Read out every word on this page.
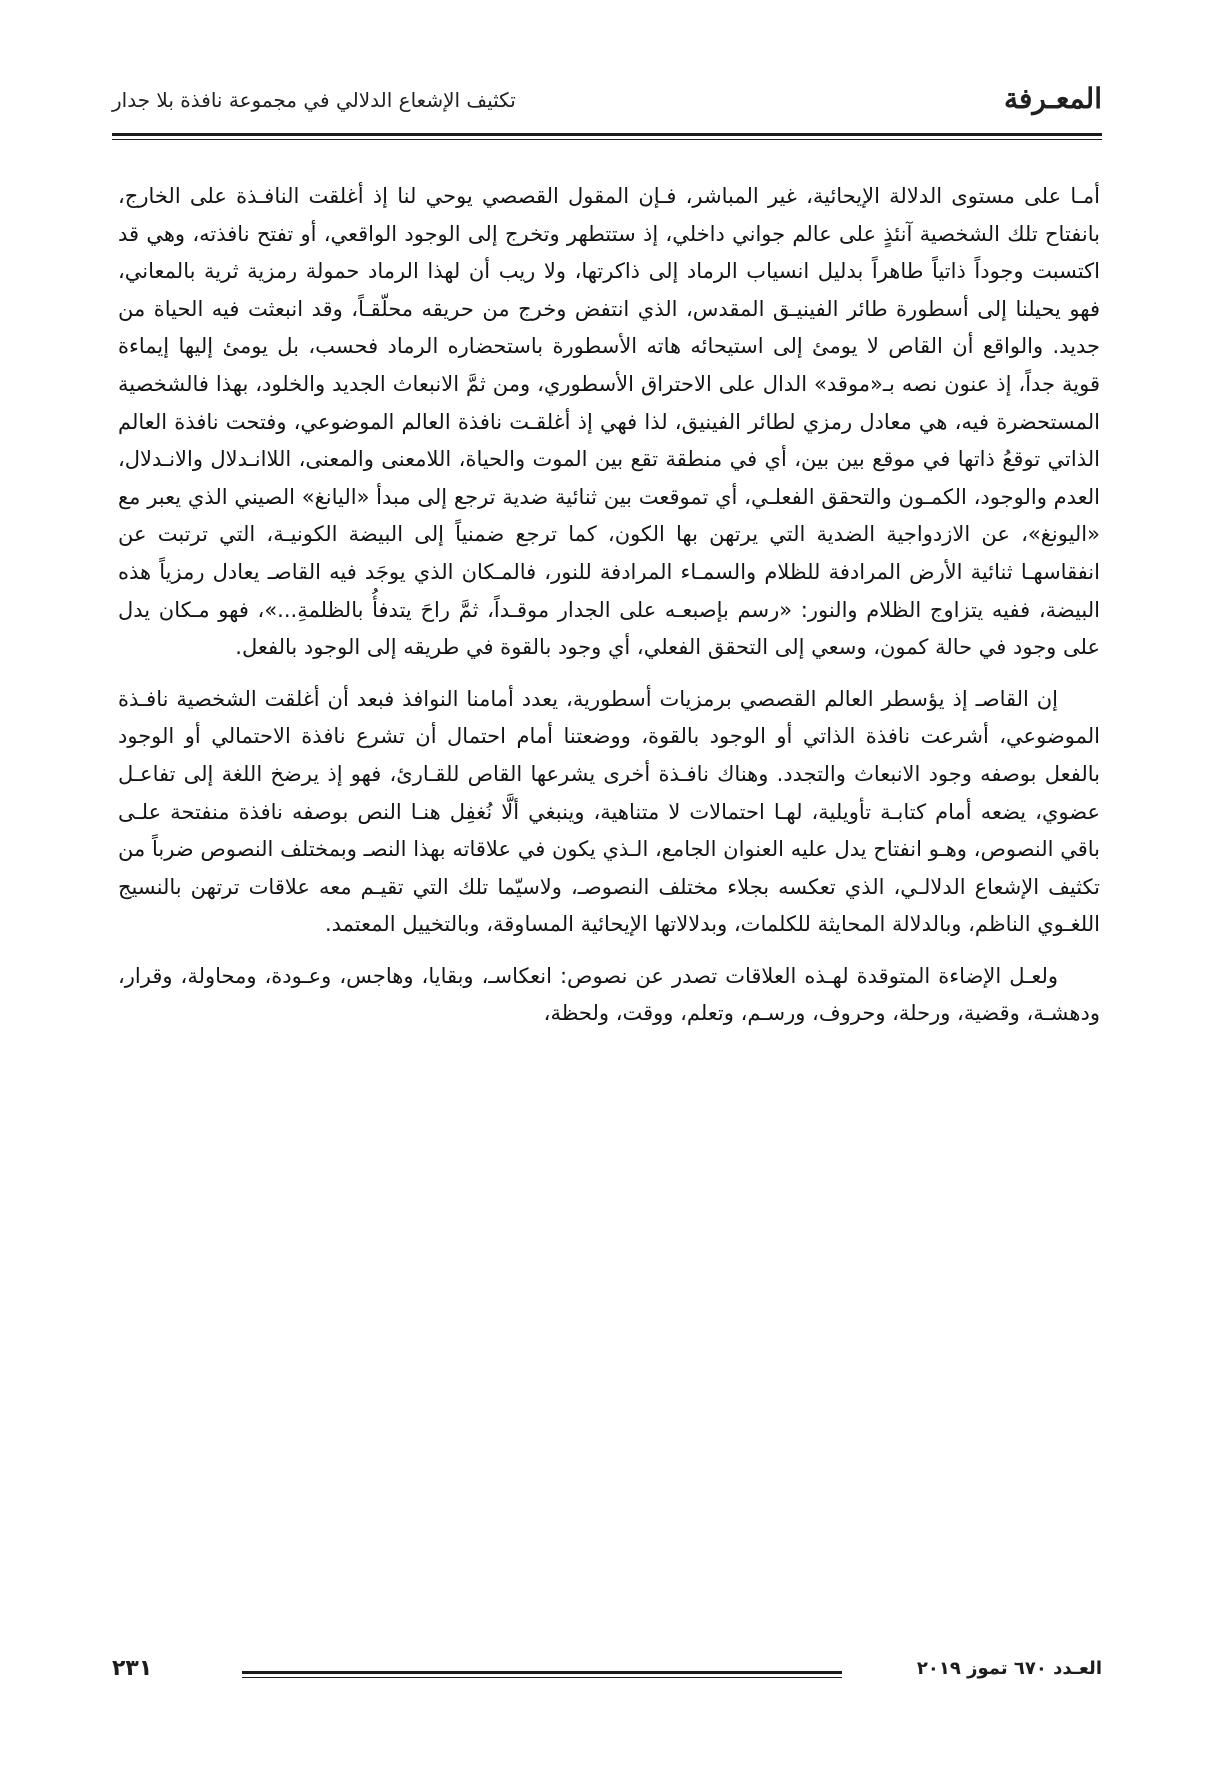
المعـرفة
تكثيف الإشعاع الدلالي في مجموعة نافذة بلا جدار

أمـا على مستوى الدلالة الإيحائية، غير المباشر، فـإن المقول القصصي يوحي لنا إذ أغلقت النافـذة على الخارج، بانفتاح تلك الشخصية آنئذٍ على عالم جواني داخلي، إذ ستتطهر وتخرج إلى الوجود الواقعي، أو تفتح نافذته، وهي قد اكتسبت وجوداً ذاتياً طاهراً بدليل انسياب الرماد إلى ذاكرتها، ولا ريب أن لهذا الرماد حمولة رمزية ثرية بالمعاني، فهو يحيلنا إلى أسطورة طائر الفينيـق المقدس، الذي انتفض وخرج من حريقه محلّقـاً، وقد انبعثت فيه الحياة من جديد. والواقع أن القاص لا يومئ إلى استيحائه هاته الأسطورة باستحضاره الرماد فحسب، بل يومئ إليها إيماءة قوية جداً، إذ عنون نصه بـ«موقد» الدال على الاحتراق الأسطوري، ومن ثمَّ الانبعاث الجديد والخلود، بهذا فالشخصية المستحضرة فيه، هي معادل رمزي لطائر الفينيق، لذا فهي إذ أغلقـت نافذة العالم الموضوعي، وفتحت نافذة العالم الذاتي توقعُ ذاتها في موقع بين بين، أي في منطقة تقع بين الموت والحياة، اللامعنى والمعنى، اللاانـدلال والانـدلال، العدم والوجود، الكمـون والتحقق الفعلـي، أي تموقعت بين ثنائية ضدية ترجع إلى مبدأ «اليانغ» الصيني الذي يعبر مع «اليونغ»، عن الازدواجية الضدية التي يرتهن بها الكون، كما ترجع ضمنياً إلى البيضة الكونيـة، التي ترتبت عن انفقاسهـا ثنائية الأرض المرادفة للظلام والسمـاء المرادفة للنور، فالمـكان الذي يوجَد فيه القاصـ يعادل رمزياً هذه البيضة، ففيه يتزاوج الظلام والنور: «رسم بإصبعـه على الجدار موقـداً، ثمَّ راحَ يتدفأُ بالظلمةِ...»، فهو مـكان يدل على وجود في حالة كمون، وسعي إلى التحقق الفعلي، أي وجود بالقوة في طريقه إلى الوجود بالفعل.

إن القاصـ إذ يؤسطر العالم القصصي برمزيات أسطورية، يعدد أمامنا النوافذ فبعد أن أغلقت الشخصية نافـذة الموضوعي، أشرعت نافذة الذاتي أو الوجود بالقوة، ووضعتنا أمام احتمال أن تشرع نافذة الاحتمالي أو الوجود بالفعل بوصفه وجود الانبعاث والتجدد. وهناك نافـذة أخرى يشرعها القاص للقـارئ، فهو إذ يرضخ اللغة إلى تفاعـل عضوي، يضعه أمام كتابـة تأويلية، لهـا احتمالات لا متناهية، وينبغي ألَّا نُغفِل هنـا النص بوصفه نافذة منفتحة علـى باقي النصوص، وهـو انفتاح يدل عليه العنوان الجامع، الـذي يكون في علاقاته بهذا النصـ وبمختلف النصوص ضرباً من تكثيف الإشعاع الدلالـي، الذي تعكسه بجلاء مختلف النصوصـ، ولاسيّما تلك التي تقيـم معه علاقات ترتهن بالنسيج اللغـوي الناظم، وبالدلالة المحايثة للكلمات، وبدلالاتها الإيحائية المساوقة، وبالتخييل المعتمد.

ولعـل الإضاءة المتوقدة لهـذه العلاقات تصدر عن نصوص: انعكاسـ، وبقايا، وهاجس، وعـودة، ومحاولة، وقرار، ودهشـة، وقضية، ورحلة، وحروف، ورسـم، وتعلم، ووقت، ولحظة،

العـدد ٦٧٠ تموز ٢٠١٩
٢٣١
